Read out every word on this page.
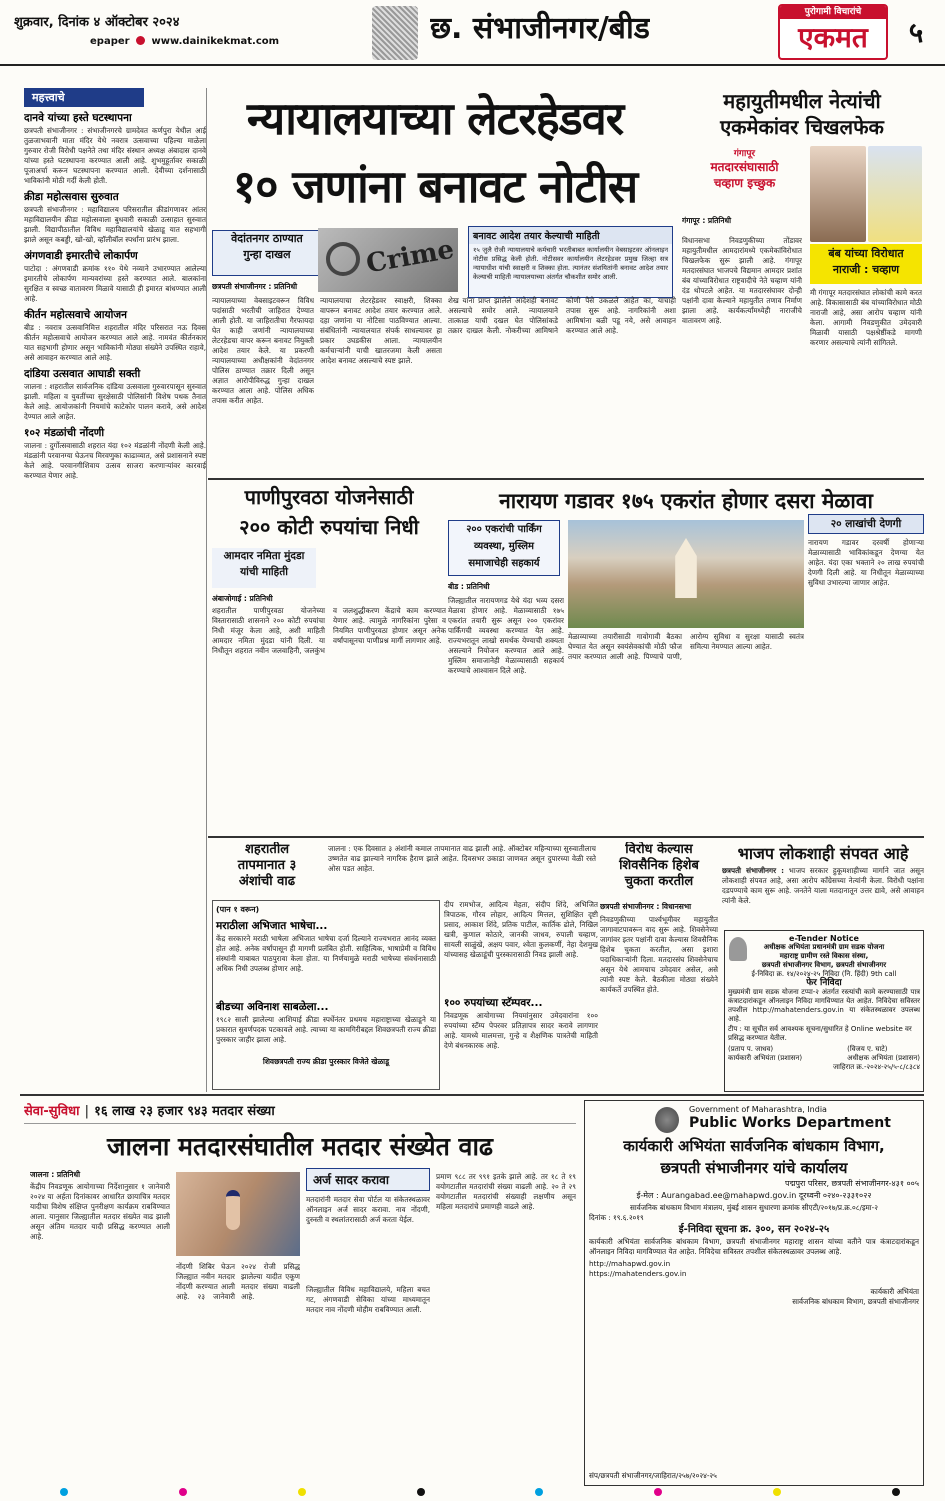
शुक्रवार, दिनांक ४ ऑक्टोबर २०२४
epaper www.dainikekmat.com	छ. संभाजीनगर/बीड	पुरोगामी विचारांचे
एकमत	५
महत्त्वाचे
दानवे यांच्या हस्ते घटस्थापना
छत्रपती संभाजीनगर : संभाजीनगरचे ग्रामदेवत कर्णपुरा येथील आई तुळजाभवानी माता मंदिर येथे नवरात्र उत्सवाच्या पहिल्या माळेला गुरुवार रोजी विरोधी पक्षनेते तथा मंदिर संस्थान अध्यक्ष अंबादास दानवे यांच्या हस्ते घटस्थापना करण्यात आली आहे. शुभमुहूर्तावर सकाळी पूजाअर्चा करून घटस्थापना करण्यात आली. देवीच्या दर्शनासाठी भाविकांनी मोठी गर्दी केली होती.
क्रीडा महोत्सवास सुरुवात
छत्रपती संभाजीनगर : महाविद्यालय परिसरातील क्रीडांगणावर आंतर महाविद्यालयीन क्रीडा महोत्सवाला बुधवारी सकाळी उत्साहात सुरुवात झाली. विद्यापीठातील विविध महाविद्यालयांचे खेळाडू यात सहभागी झाले असून कबड्डी, खो-खो, व्हॉलीबॉल स्पर्धांना प्रारंभ झाला.
अंगणवाडी इमारतीचे लोकार्पण
पाटोदा : अंगणवाडी क्रमांक ११० येथे नव्याने उभारण्यात आलेल्या इमारतीचे लोकार्पण मान्यवरांच्या हस्ते करण्यात आले. बालकांना सुरक्षित व स्वच्छ वातावरण मिळावे यासाठी ही इमारत बांधण्यात आली आहे.
कीर्तन महोत्सवाचे आयोजन
बीड : नवरात्र उत्सवानिमित्त शहरातील मंदिर परिसरात नऊ दिवस कीर्तन महोत्सवाचे आयोजन करण्यात आले आहे. नामवंत कीर्तनकार यात सहभागी होणार असून भाविकांनी मोठ्या संख्येने उपस्थित राहावे, असे आवाहन करण्यात आले आहे.
दांडिया उत्सवात आघाडी सक्ती
जालना : शहरातील सार्वजनिक दांडिया उत्सवाला गुरुवारपासून सुरुवात झाली. महिला व युवतींच्या सुरक्षेसाठी पोलिसांनी विशेष पथक तैनात केले आहे. आयोजकांनी नियमांचे काटेकोर पालन करावे, असे आदेश देण्यात आले आहेत.
१०२ मंडळांची नोंदणी
जालना : दुर्गोत्सवासाठी शहरात यंदा १०२ मंडळांनी नोंदणी केली आहे. मंडळांनी परवानग्या घेऊनच मिरवणुका काढाव्यात, असे प्रशासनाने स्पष्ट केले आहे. परवानगीशिवाय उत्सव साजरा करणाऱ्यांवर कारवाई करण्यात येणार आहे.
न्यायालयाच्या लेटरहेडवर
१० जणांना बनावट नोटीस
वेदांतनगर ठाण्यात
गुन्हा दाखल
छत्रपती संभाजीनगर : प्रतिनिधी
Crime	बनावट आदेश तयार केल्याची माहिती
१५ जुलै रोजी न्यायालयाचे कर्मचारी भरतीबाबत कार्यालयीन वेबसाइटवर ऑनलाइन नोटीस प्रसिद्ध केली होती. नोटीसवर कार्यालयीन लेटरहेडवर प्रमुख जिल्हा सत्र न्यायाधीश यांची स्वाक्षरी व शिक्का होता. त्यानंतर संशयितांनी बनावट आदेश तयार केल्याची माहिती न्यायालयाच्या अंतर्गत चौकशीत समोर आली.
न्यायालयाच्या वेबसाइटवरून विविध पदांसाठी भरतीची जाहिरात देण्यात आली होती. या जाहिरातीचा गैरफायदा घेत काही जणांनी न्यायालयाच्या लेटरहेडचा वापर करून बनावट नियुक्ती आदेश तयार केले. या प्रकरणी न्यायालयाच्या अधीक्षकांनी वेदांतनगर पोलिस ठाण्यात तक्रार दिली असून अज्ञात आरोपीविरुद्ध गुन्हा दाखल करण्यात आला आहे. पोलिस अधिक तपास करीत आहेत.
न्यायालयाचा लेटरहेडवर स्वाक्षरी, शिक्का वापरून बनावट आदेश तयार करण्यात आले. दहा जणांना या नोटिसा पाठविण्यात आल्या. संबंधितांनी न्यायालयात संपर्क साधल्यावर हा प्रकार उघडकीस आला. न्यायालयीन कर्मचाऱ्यांनी याची खातरजमा केली असता आदेश बनावट असल्याचे स्पष्ट झाले.
शेख यांना प्राप्त झालेले आदेशही बनावट असल्याचे समोर आले. न्यायालयाने तात्काळ याची दखल घेत पोलिसांकडे तक्रार दाखल केली. नोकरीच्या आमिषाने कोणी पैसे उकळले आहेत का, याचाही तपास सुरू आहे. नागरिकांनी अशा आमिषांना बळी पडू नये, असे आवाहन करण्यात आले आहे.
महायुतीमधील नेत्यांची
एकमेकांवर चिखलफेक
गंगापूर
मतदारसंघासाठी
चव्हाण इच्छुक
गंगापूर : प्रतिनिधी
विधानसभा निवडणुकीच्या तोंडावर महायुतीमधील आमदारांमध्ये एकमेकांविरोधात चिखलफेक सुरू झाली आहे. गंगापूर मतदारसंघात भाजपचे विद्यमान आमदार प्रशांत बंब यांच्याविरोधात राष्ट्रवादीचे नेते चव्हाण यांनी दंड थोपटले आहेत. या मतदारसंघावर दोन्ही पक्षांनी दावा केल्याने महायुतीत तणाव निर्माण झाला आहे. कार्यकर्त्यांमध्येही नाराजीचे वातावरण आहे.
बंब यांच्या विरोधात
नाराजी : चव्हाण
मी गंगापूर मतदारसंघात लोकांची कामे करत आहे. विकासासाठी बंब यांच्याविरोधात मोठी नाराजी आहे, असा आरोप चव्हाण यांनी केला. आगामी निवडणुकीत उमेदवारी मिळावी यासाठी पक्षश्रेष्ठींकडे मागणी करणार असल्याचे त्यांनी सांगितले.
पाणीपुरवठा योजनेसाठी
२०० कोटी रुपयांचा निधी
आमदार नमिता मुंदडा
यांची माहिती
अंबाजोगाई : प्रतिनिधी
शहरातील पाणीपुरवठा योजनेच्या विस्तारासाठी शासनाने २०० कोटी रुपयांचा निधी मंजूर केला आहे, अशी माहिती आमदार नमिता मुंदडा यांनी दिली. या निधीतून शहरात नवीन जलवाहिनी, जलकुंभ व जलशुद्धीकरण केंद्राचे काम करण्यात येणार आहे. त्यामुळे नागरिकांना पुरेसा व नियमित पाणीपुरवठा होणार असून अनेक वर्षांपासूनचा पाणीप्रश्न मार्गी लागणार आहे.
नारायण गडावर १७५ एकरांत होणार दसरा मेळावा
२०० एकरांची पार्किंग
व्यवस्था, मुस्लिम
समाजाचेही सहकार्य
बीड : प्रतिनिधी
जिल्ह्यातील नारायणगड येथे यंदा भव्य दसरा मेळावा होणार आहे. मेळाव्यासाठी १७५ एकरांत तयारी सुरू असून २०० एकरांवर पार्किंगची व्यवस्था करण्यात येत आहे. राज्यभरातून लाखो समर्थक येण्याची शक्यता असल्याने नियोजन करण्यात आले आहे. मुस्लिम समाजानेही मेळाव्यासाठी सहकार्य करण्याचे आश्वासन दिले आहे.
मेळाव्याच्या तयारीसाठी गावोगावी बैठका घेण्यात येत असून स्वयंसेवकांची मोठी फौज तयार करण्यात आली आहे. पिण्याचे पाणी, आरोग्य सुविधा व सुरक्षा यासाठी स्वतंत्र समित्या नेमण्यात आल्या आहेत.
२० लाखांची देणगी
नारायण गडावर दरवर्षी होणाऱ्या मेळाव्यासाठी भाविकांकडून देणग्या येत आहेत. यंदा एका भक्ताने २० लाख रुपयांची देणगी दिली आहे. या निधीतून मेळाव्याच्या सुविधा उभारल्या जाणार आहेत.
शहरातील
तापमानात ३
अंशांची वाढ
जालना : एक दिवसात ३ अंशांनी कमाल तापमानात वाढ झाली आहे. ऑक्टोबर महिन्याच्या सुरुवातीलाच उष्णतेत वाढ झाल्याने नागरिक हैराण झाले आहेत. दिवसभर उकाडा जाणवत असून दुपारच्या वेळी रस्ते ओस पडत आहेत.
विरोध केल्यास
शिवसैनिक हिशेब
चुकता करतील
(पान १ वरून)
मराठीला अभिजात भाषेचा...
केंद्र सरकारने मराठी भाषेला अभिजात भाषेचा दर्जा दिल्याने राज्यभरात आनंद व्यक्त होत आहे. अनेक वर्षांपासून ही मागणी प्रलंबित होती. साहित्यिक, भाषाप्रेमी व विविध संस्थांनी याबाबत पाठपुरावा केला होता. या निर्णयामुळे मराठी भाषेच्या संवर्धनासाठी अधिक निधी उपलब्ध होणार आहे.
बीडच्या अविनाश साबळेला...
१९८२ साली झालेल्या आशियाई क्रीडा स्पर्धेनंतर प्रथमच महाराष्ट्राच्या खेळाडूने या प्रकारात सुवर्णपदक पटकावले आहे. त्याच्या या कामगिरीबद्दल शिवछत्रपती राज्य क्रीडा पुरस्कार जाहीर झाला आहे.
शिवछत्रपती राज्य क्रीडा पुरस्कार विजेते खेळाडू
दीप रामभोज, आदित्य मेहता, संदीप शिंदे, अभिजित त्रिपाठक, गौरव लोहार, आदित्य मित्तल, सुशिक्षित दृष्टी प्रसाद, आकाश शिंदे, प्रतिक पाटील, कार्तिक ढोले, निखिल खत्री, कुणाल कोठारे, जानकी जाधव, रुपाली चव्हाण, सायली साळुंखे, अक्षय पवार, श्वेता कुलकर्णी, नेहा देशमुख यांच्यासह खेळाडूंची पुरस्कारासाठी निवड झाली आहे.
१०० रुपयांच्या स्टॅम्पवर...
निवडणूक आयोगाच्या नियमांनुसार उमेदवारांना १०० रुपयांच्या स्टॅम्प पेपरवर प्रतिज्ञापत्र सादर करावे लागणार आहे. यामध्ये मालमत्ता, गुन्हे व शैक्षणिक पात्रतेची माहिती देणे बंधनकारक आहे.
छत्रपती संभाजीनगर : विधानसभा
निवडणुकीच्या पार्श्वभूमीवर महायुतीत जागावाटपावरून वाद सुरू आहे. शिवसेनेच्या जागांवर इतर पक्षांनी दावा केल्यास शिवसैनिक हिशेब चुकता करतील, असा इशारा पदाधिकाऱ्यांनी दिला. मतदारसंघ शिवसेनेचाच असून येथे आमचाच उमेदवार असेल, असे त्यांनी स्पष्ट केले. बैठकीला मोठ्या संख्येने कार्यकर्ते उपस्थित होते.
भाजप लोकशाही संपवत आहे
छत्रपती संभाजीनगर : भाजप सरकार हुकूमशाहीच्या मार्गाने जात असून लोकशाही संपवत आहे, असा आरोप काँग्रेसच्या नेत्यांनी केला. विरोधी पक्षांना दडपण्याचे काम सुरू आहे. जनतेने याला मतदानातून उत्तर द्यावे, असे आवाहन त्यांनी केले.
e-Tender Notice
अधीक्षक अभियंता प्रधानमंत्री ग्राम सडक योजना
महाराष्ट्र ग्रामीण रस्ते विकास संस्था,
छत्रपती संभाजीनगर विभाग, छत्रपती संभाजीनगर
ई-निविदा क्र. १४/२०२४-२५ निविदा (नि. हिंदी) 9th call
फेर निविदा
मुख्यमंत्री ग्राम सडक योजना टप्पा-२ अंतर्गत रस्त्यांची कामे करण्यासाठी पात्र कंत्राटदारांकडून ऑनलाइन निविदा मागविण्यात येत आहेत. निविदेचा सविस्तर तपशील http://mahatenders.gov.in या संकेतस्थळावर उपलब्ध आहे.
टीप : या सूचीत सर्व आवश्यक सूचना/सुधारित हे Online website वर प्रसिद्ध करण्यात येतील.
(प्रताप प. जाधव)
कार्यकारी अभियंता (प्रशासन)
(विजय ए. घाटे)
अधीक्षक अभियंता (प्रशासन)
जाहिरात क्र.-२०२४-२५/५-८/८३८४
सेवा-सुविधा | १६ लाख २३ हजार ९४३ मतदार संख्या
जालना मतदारसंघातील मतदार संख्येत वाढ
जालना : प्रतिनिधी
केंद्रीय निवडणूक आयोगाच्या निर्देशानुसार १ जानेवारी २०२४ या अर्हता दिनांकावर आधारित छायाचित्र मतदार यादीचा विशेष संक्षिप्त पुनरीक्षण कार्यक्रम राबविण्यात आला. यानुसार जिल्ह्यातील मतदार संख्येत वाढ झाली असून अंतिम मतदार यादी प्रसिद्ध करण्यात आली आहे.
नोंदणी शिबिर घेऊन जिल्ह्यात नवीन मतदार नोंदणी करण्यात आली आहे. २३ जानेवारी २०२४ रोजी प्रसिद्ध झालेल्या यादीत एकूण मतदार संख्या वाढली आहे.
अर्ज सादर करावा
मतदारांनी मतदार सेवा पोर्टल या संकेतस्थळावर ऑनलाइन अर्ज सादर करावा. नाव नोंदणी, दुरुस्ती व स्थलांतरासाठी अर्ज करता येईल.
जिल्ह्यातील विविध महाविद्यालये, महिला बचत गट, अंगणवाडी सेविका यांच्या माध्यमातून मतदार नाव नोंदणी मोहीम राबविण्यात आली.
प्रमाण ९८८ तर ९९१ इतके झाले आहे. तर १८ ते १९ वयोगटातील मतदारांची संख्या वाढली आहे. २० ते २९ वयोगटातील मतदारांची संख्याही लक्षणीय असून महिला मतदारांचे प्रमाणही वाढले आहे.
Government of Maharashtra, India
Public Works Department
कार्यकारी अभियंता सार्वजनिक बांधकाम विभाग,
छत्रपती संभाजीनगर यांचे कार्यालय
पद्मपुरा परिसर, छत्रपती संभाजीनगर-४३१ ००५
ई-मेल : Aurangabad.ee@mahapwd.gov.in दूरध्वनी ०२४०-२३३१०२२
सार्वजनिक बांधकाम विभाग मंत्रालय, मुंबई शासन सुधारणा क्रमांक सीएटी/२०१७/प्र.क्र.०८/इमा-२
दिनांक : १९.६.२०१९
ई-निविदा सूचना क्र. ३००, सन २०२४-२५
कार्यकारी अभियंता सार्वजनिक बांधकाम विभाग, छत्रपती संभाजीनगर महाराष्ट्र शासन यांच्या वतीने पात्र कंत्राटदारांकडून ऑनलाइन निविदा मागविण्यात येत आहेत. निविदेचा सविस्तर तपशील संकेतस्थळावर उपलब्ध आहे.
http://mahapwd.gov.in
https://mahatenders.gov.in
कार्यकारी अभियंता
सार्वजनिक बांधकाम विभाग, छत्रपती संभाजीनगर
संप/छत्रपती संभाजीनगर/जाहिरात/२५७/२०२४-२५
